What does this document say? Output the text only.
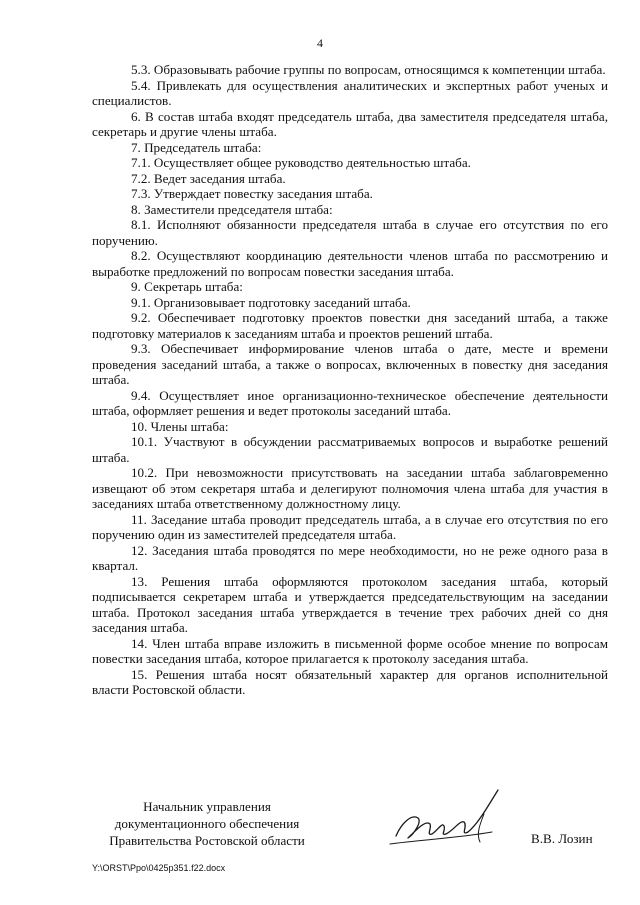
4

5.3. Образовывать рабочие группы по вопросам, относящимся к компетенции штаба.

5.4. Привлекать для осуществления аналитических и экспертных работ ученых и специалистов.

6. В состав штаба входят председатель штаба, два заместителя председателя штаба, секретарь и другие члены штаба.

7. Председатель штаба:

7.1. Осуществляет общее руководство деятельностью штаба.

7.2. Ведет заседания штаба.

7.3. Утверждает повестку заседания штаба.

8. Заместители председателя штаба:

8.1. Исполняют обязанности председателя штаба в случае его отсутствия по его поручению.

8.2. Осуществляют координацию деятельности членов штаба по рассмотрению и выработке предложений по вопросам повестки заседания штаба.

9. Секретарь штаба:

9.1. Организовывает подготовку заседаний штаба.

9.2. Обеспечивает подготовку проектов повестки дня заседаний штаба, а также подготовку материалов к заседаниям штаба и проектов решений штаба.

9.3. Обеспечивает информирование членов штаба о дате, месте и времени проведения заседаний штаба, а также о вопросах, включенных в повестку дня заседания штаба.

9.4. Осуществляет иное организационно-техническое обеспечение деятельности штаба, оформляет решения и ведет протоколы заседаний штаба.

10. Члены штаба:

10.1. Участвуют в обсуждении рассматриваемых вопросов и выработке решений штаба.

10.2. При невозможности присутствовать на заседании штаба заблаговременно извещают об этом секретаря штаба и делегируют полномочия члена штаба для участия в заседаниях штаба ответственному должностному лицу.

11. Заседание штаба проводит председатель штаба, а в случае его отсутствия по его поручению один из заместителей председателя штаба.

12. Заседания штаба проводятся по мере необходимости, но не реже одного раза в квартал.

13. Решения штаба оформляются протоколом заседания штаба, который подписывается секретарем штаба и утверждается председательствующим на заседании штаба. Протокол заседания штаба утверждается в течение трех рабочих дней со дня заседания штаба.

14. Член штаба вправе изложить в письменной форме особое мнение по вопросам повестки заседания штаба, которое прилагается к протоколу заседания штаба.

15. Решения штаба носят обязательный характер для органов исполнительной власти Ростовской области.

Начальник управления
документационного обеспечения
Правительства Ростовской области	В.В. Лозин
Y:\ORST\Ppo\0425p351.f22.docx
